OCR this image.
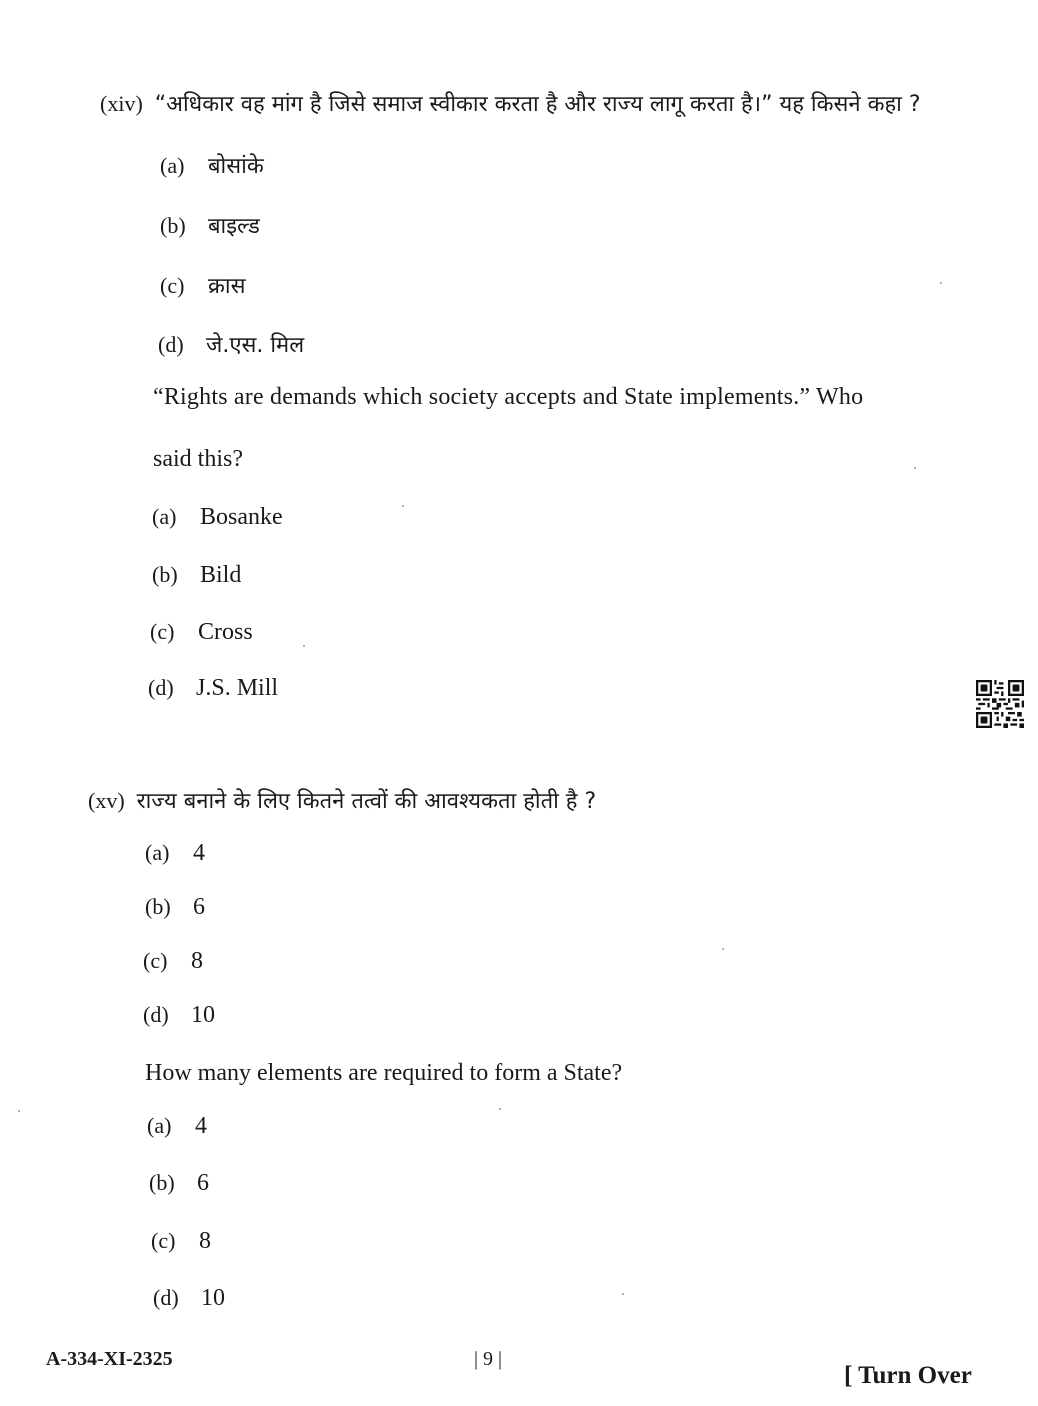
(xiv) “अधिकार वह मांग है जिसे समाज स्वीकार करता है और राज्य लागू करता है।” यह किसने कहा ?
(a) बोसांके
(b) बाइल्ड
(c) क्रास
(d) जे.एस. मिल
“Rights are demands which society accepts and State implements.” Who
said this?
(a) Bosanke
(b) Bild
(c) Cross
(d) J.S. Mill
(xv) राज्य बनाने के लिए कितने तत्वों की आवश्यकता होती है ?
(a) 4
(b) 6
(c) 8
(d) 10
How many elements are required to form a State?
(a) 4
(b) 6
(c) 8
(d) 10
A-334-XI-2325	| 9 |
[ Turn Over
